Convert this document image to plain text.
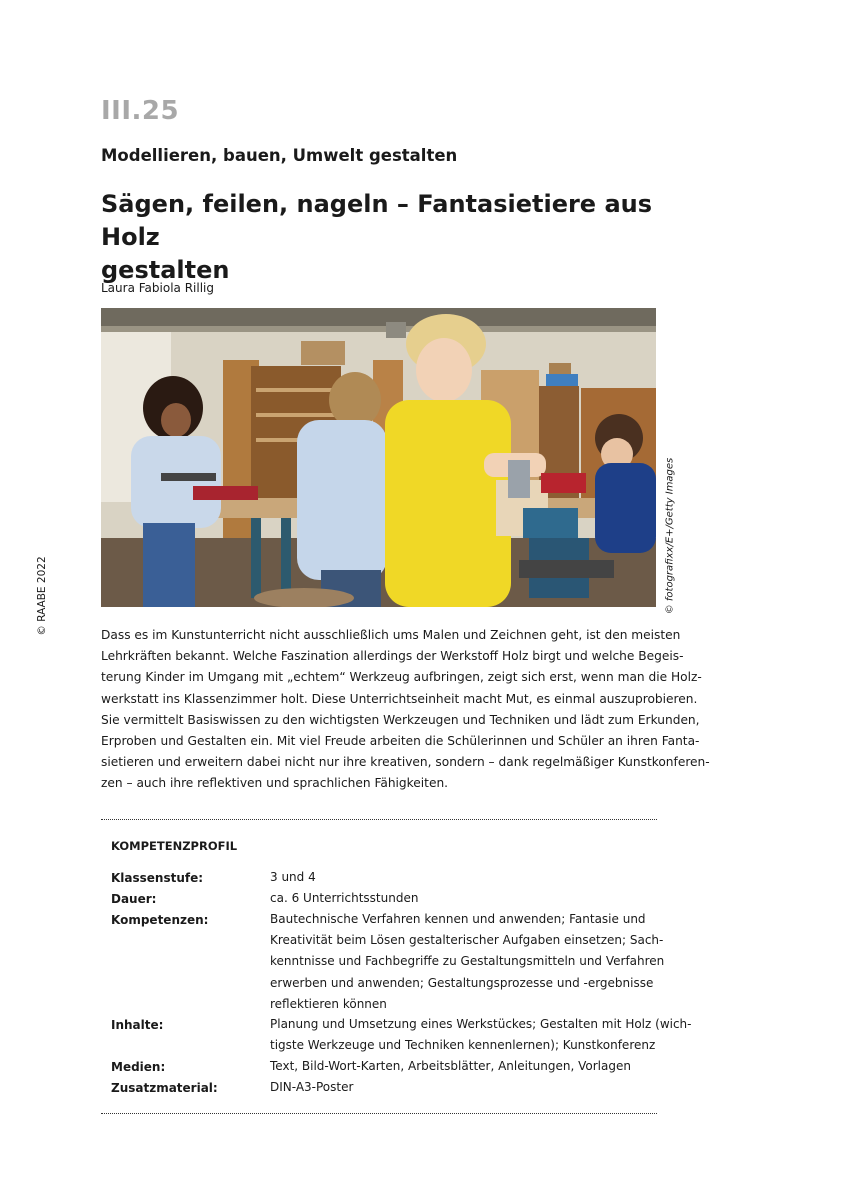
III.25
Modellieren, bauen, Umwelt gestalten
Sägen, feilen, nageln – Fantasietiere aus Holz
gestalten
Laura Fabiola Rillig
© RAABE 2022	© fotografixx/E+/Getty Images
Dass es im Kunstunterricht nicht ausschließlich ums Malen und Zeichnen geht, ist den meisten
Lehrkräften bekannt. Welche Faszination allerdings der Werkstoff Holz birgt und welche Begeis-
terung Kinder im Umgang mit „echtem“ Werkzeug aufbringen, zeigt sich erst, wenn man die Holz-
werkstatt ins Klassenzimmer holt. Diese Unterrichtseinheit macht Mut, es einmal auszuprobieren.
Sie vermittelt Basiswissen zu den wichtigsten Werkzeugen und Techniken und lädt zum Erkunden,
Erproben und Gestalten ein. Mit viel Freude arbeiten die Schülerinnen und Schüler an ihren Fanta-
sietieren und erweitern dabei nicht nur ihre kreativen, sondern – dank regelmäßiger Kunstkonferen-
zen – auch ihre reflektiven und sprachlichen Fähigkeiten.
KOMPETENZPROFIL
Klassenstufe:	3 und 4
Dauer:	ca. 6 Unterrichtsstunden
Kompetenzen:	Bautechnische Verfahren kennen und anwenden; Fantasie und
Kreativität beim Lösen gestalterischer Aufgaben einsetzen; Sach-
kenntnisse und Fachbegriffe zu Gestaltungsmitteln und Verfahren
erwerben und anwenden; Gestaltungsprozesse und -ergebnisse
reflektieren können
Inhalte:	Planung und Umsetzung eines Werkstückes; Gestalten mit Holz (wich-
tigste Werkzeuge und Techniken kennenlernen); Kunstkonferenz
Medien:	Text, Bild-Wort-Karten, Arbeitsblätter, Anleitungen, Vorlagen
Zusatzmaterial:	DIN-A3-Poster
